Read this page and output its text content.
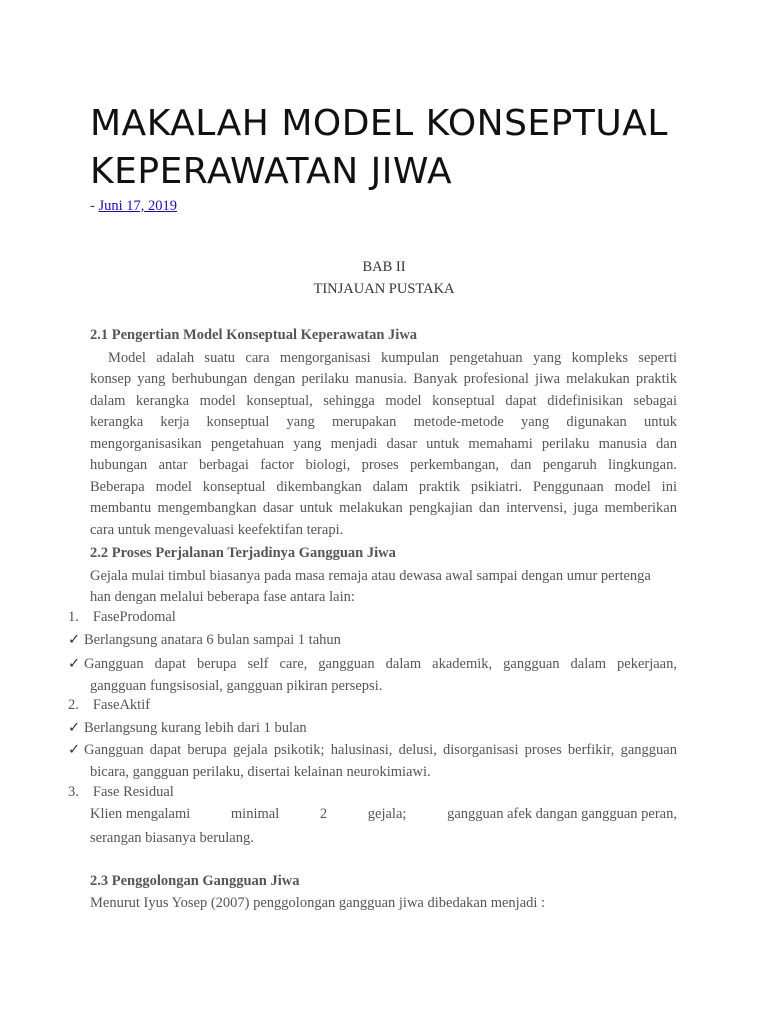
MAKALAH MODEL KONSEPTUAL
KEPERAWATAN JIWA
- Juni 17, 2019
BAB II
TINJAUAN PUSTAKA
2.1 Pengertian Model Konseptual Keperawatan Jiwa
Model adalah suatu cara mengorganisasi kumpulan pengetahuan yang kompleks seperti
konsep yang berhubungan dengan perilaku manusia. Banyak profesional jiwa melakukan praktik
dalam kerangka model konseptual, sehingga model konseptual dapat didefinisikan sebagai
kerangka kerja konseptual yang merupakan metode-metode yang digunakan untuk
mengorganisasikan pengetahuan yang menjadi dasar untuk memahami perilaku manusia dan
hubungan antar berbagai factor biologi, proses perkembangan, dan pengaruh lingkungan.
Beberapa model konseptual dikembangkan dalam praktik psikiatri. Penggunaan model ini
membantu mengembangkan dasar untuk melakukan pengkajian dan intervensi, juga memberikan
cara untuk mengevaluasi keefektifan terapi.
2.2 Proses Perjalanan Terjadinya Gangguan Jiwa
Gejala mulai timbul biasanya pada masa remaja atau dewasa awal sampai dengan umur pertenga
han dengan melalui beberapa fase antara lain:
1. FaseProdomal
✓ Berlangsung anatara 6 bulan sampai 1 tahun
✓ Gangguan dapat berupa self care, gangguan dalam akademik, gangguan dalam pekerjaan,
gangguan fungsisosial, gangguan pikiran persepsi.
2. FaseAktif
✓ Berlangsung kurang lebih dari 1 bulan
✓ Gangguan dapat berupa gejala psikotik; halusinasi, delusi, disorganisasi proses berfikir, gangguan
bicara, gangguan perilaku, disertai kelainan neurokimiawi.
3. Fase Residual
Klien mengalami	minimal	2	gejala;	gangguan afek dangan gangguan peran,
serangan biasanya berulang.
2.3 Penggolongan Gangguan Jiwa
Menurut Iyus Yosep (2007) penggolongan gangguan jiwa dibedakan menjadi :
